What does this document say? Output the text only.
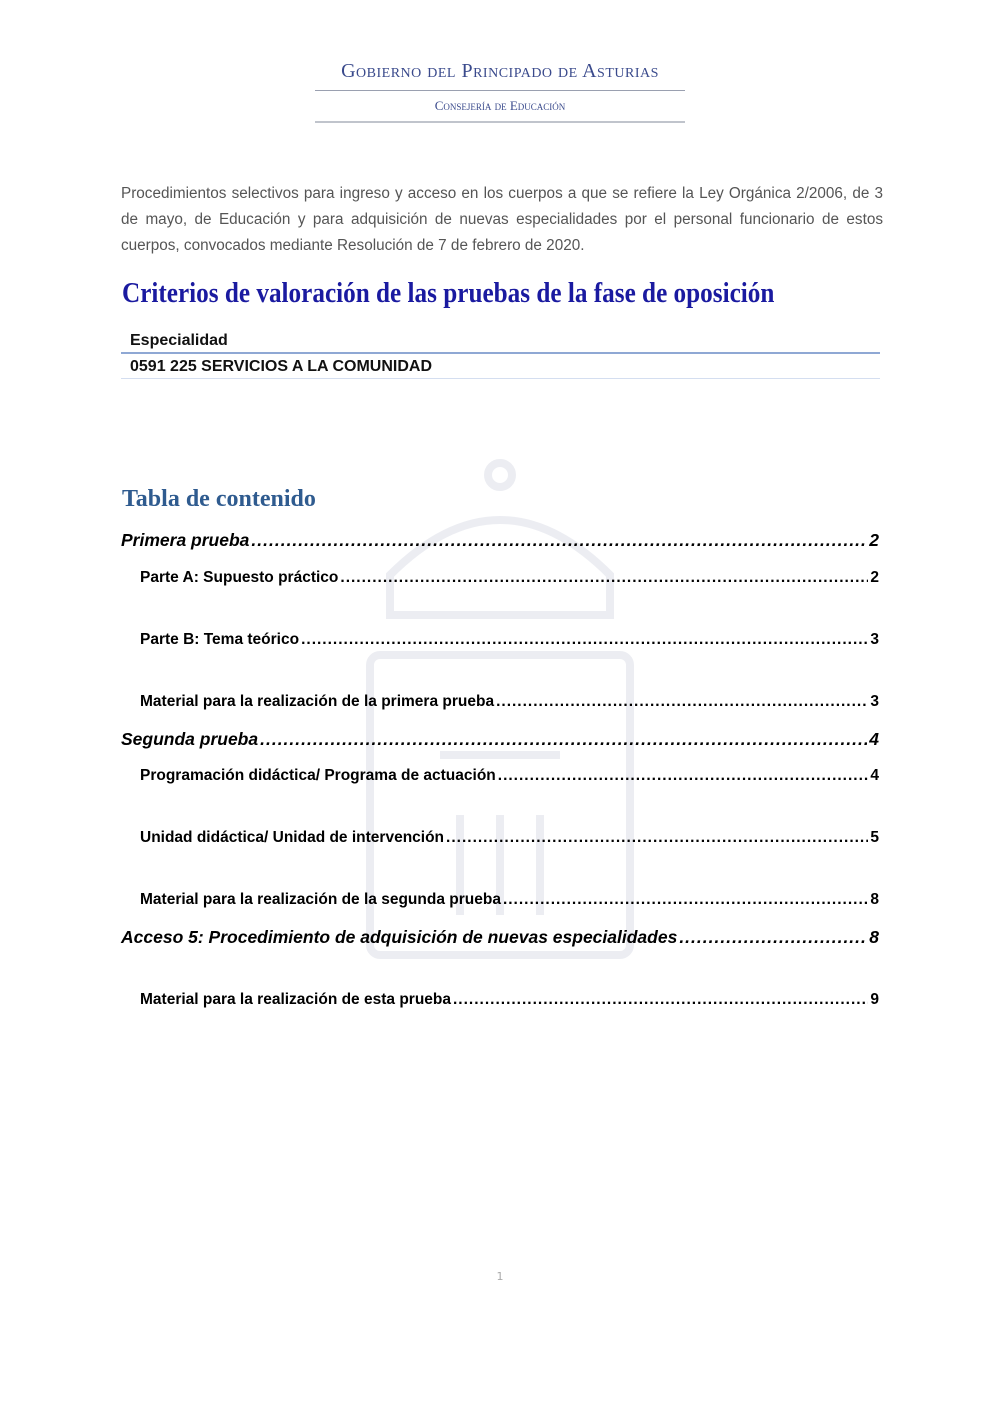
Gobierno del Principado de Asturias
Consejería de Educación
Procedimientos selectivos para ingreso y acceso en los cuerpos a que se refiere la Ley Orgánica 2/2006, de 3 de mayo, de Educación y para adquisición de nuevas especialidades por el personal funcionario de estos cuerpos, convocados mediante Resolución de 7 de febrero de 2020.
Criterios de valoración de las pruebas de la fase de oposición
Especialidad
0591 225 SERVICIOS A LA COMUNIDAD
Tabla de contenido
Primera prueba .....	2
Parte A: Supuesto práctico .....	2
Parte B: Tema teórico .....	3
Material para la realización de la primera prueba .....	3
Segunda prueba .....	4
Programación didáctica/ Programa de actuación .....	4
Unidad didáctica/ Unidad de intervención .....	5
Material para la realización de la segunda prueba .....	8
Acceso 5: Procedimiento de adquisición de nuevas especialidades .....	8
Material para la realización de esta prueba .....	9
1
